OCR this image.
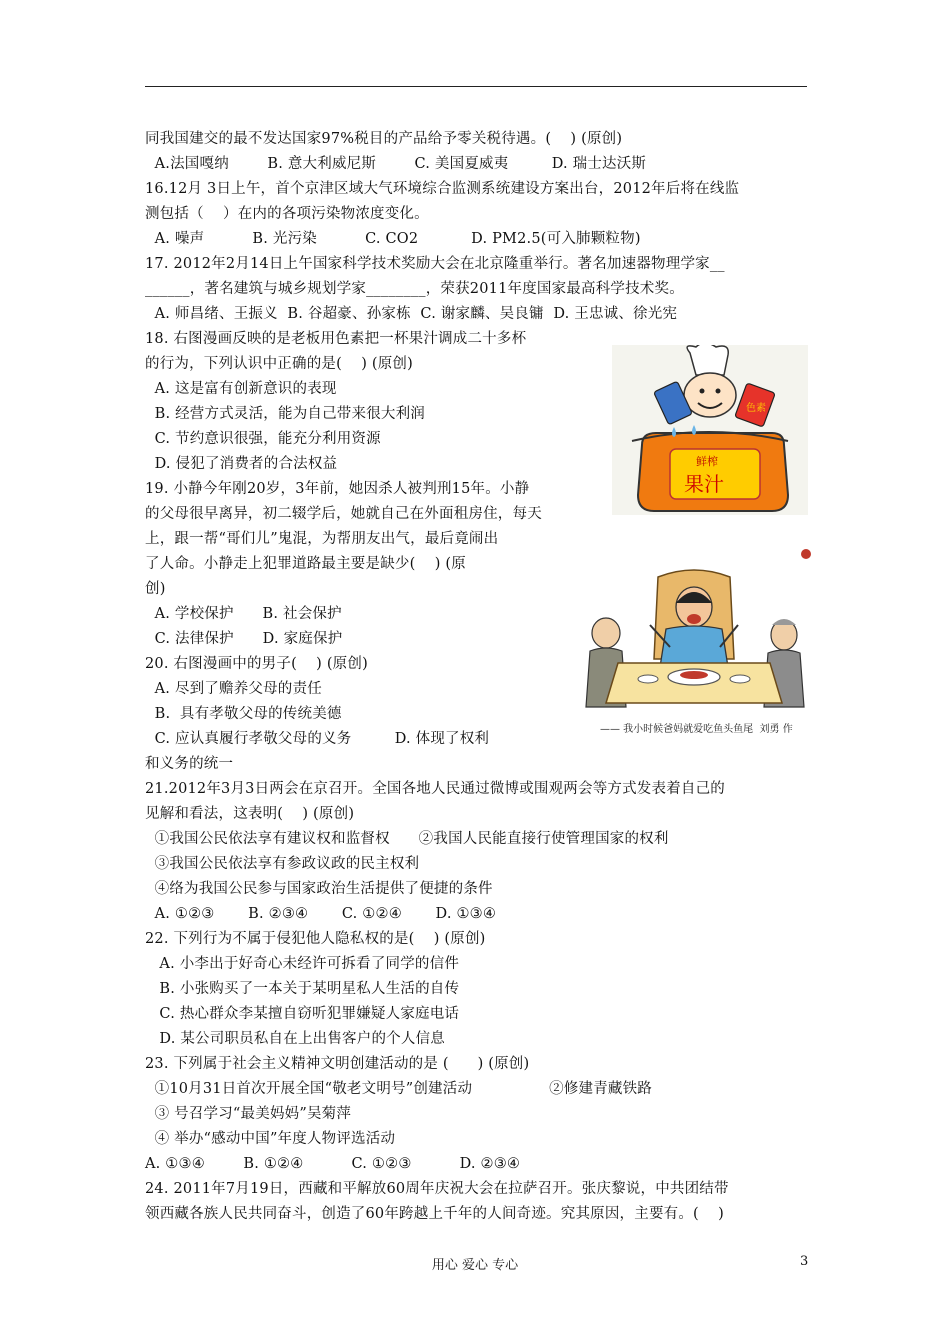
同我国建交的最不发达国家97%税目的产品给予零关税待遇。(    ) (原创)
A.法国嘎纳        B. 意大利威尼斯        C. 美国夏威夷         D. 瑞士达沃斯
16.12月 3日上午，首个京津区域大气环境综合监测系统建设方案出台，2012年后将在线监
测包括（    ）在内的各项污染物浓度变化。
A. 噪声          B. 光污染          C. CO2           D. PM2.5(可入肺颗粒物)
17. 2012年2月14日上午国家科学技术奖励大会在北京隆重举行。著名加速器物理学家__
______，著名建筑与城乡规划学家________，荣获2011年度国家最高科学技术奖。
A. 师昌绪、王振义  B. 谷超豪、孙家栋  C. 谢家麟、吴良镛  D. 王忠诚、徐光宪
18. 右图漫画反映的是老板用色素把一杯果汁调成二十多杯
的行为，下列认识中正确的是(    ) (原创)
A. 这是富有创新意识的表现
B. 经营方式灵活，能为自己带来很大利润
C. 节约意识很强，能充分利用资源
D. 侵犯了消费者的合法权益
19. 小静今年刚20岁，3年前，她因杀人被判刑15年。小静
的父母很早离异，初二辍学后，她就自己在外面租房住，每天
上，跟一帮“哥们儿”鬼混，为帮朋友出气，最后竟闹出
了人命。小静走上犯罪道路最主要是缺少(    ) (原
创)
A. 学校保护      B. 社会保护
C. 法律保护      D. 家庭保护
20. 右图漫画中的男子(    ) (原创)
A. 尽到了赡养父母的责任
B.  具有孝敬父母的传统美德
C. 应认真履行孝敬父母的义务         D. 体现了权利
和义务的统一
21.2012年3月3日两会在京召开。全国各地人民通过微博或围观两会等方式发表着自己的
见解和看法，这表明(    ) (原创)
①我国公民依法享有建议权和监督权      ②我国人民能直接行使管理国家的权利
③我国公民依法享有参政议政的民主权利
④络为我国公民参与国家政治生活提供了便捷的条件
A. ①②③       B. ②③④       C. ①②④       D. ①③④
22. 下列行为不属于侵犯他人隐私权的是(    ) (原创)
A. 小李出于好奇心未经许可拆看了同学的信件
B. 小张购买了一本关于某明星私人生活的自传
C. 热心群众李某擅自窃听犯罪嫌疑人家庭电话
D. 某公司职员私自在上出售客户的个人信息
23. 下列属于社会主义精神文明创建活动的是 (      ) (原创)
①10月31日首次开展全国“敬老文明号”创建活动                ②修建青藏铁路
③ 号召学习“最美妈妈”吴菊萍
④ 举办“感动中国”年度人物评选活动
A. ①③④        B. ①②④          C. ①②③          D. ②③④
24. 2011年7月19日，西藏和平解放60周年庆祝大会在拉萨召开。张庆黎说，中共团结带
领西藏各族人民共同奋斗，创造了60年跨越上千年的人间奇迹。究其原因，主要有。(    )
色素
鲜榨
果汁
—— 我小时候爸妈就爱吃鱼头鱼尾  刘勇 作
用心 爱心 专心	3
